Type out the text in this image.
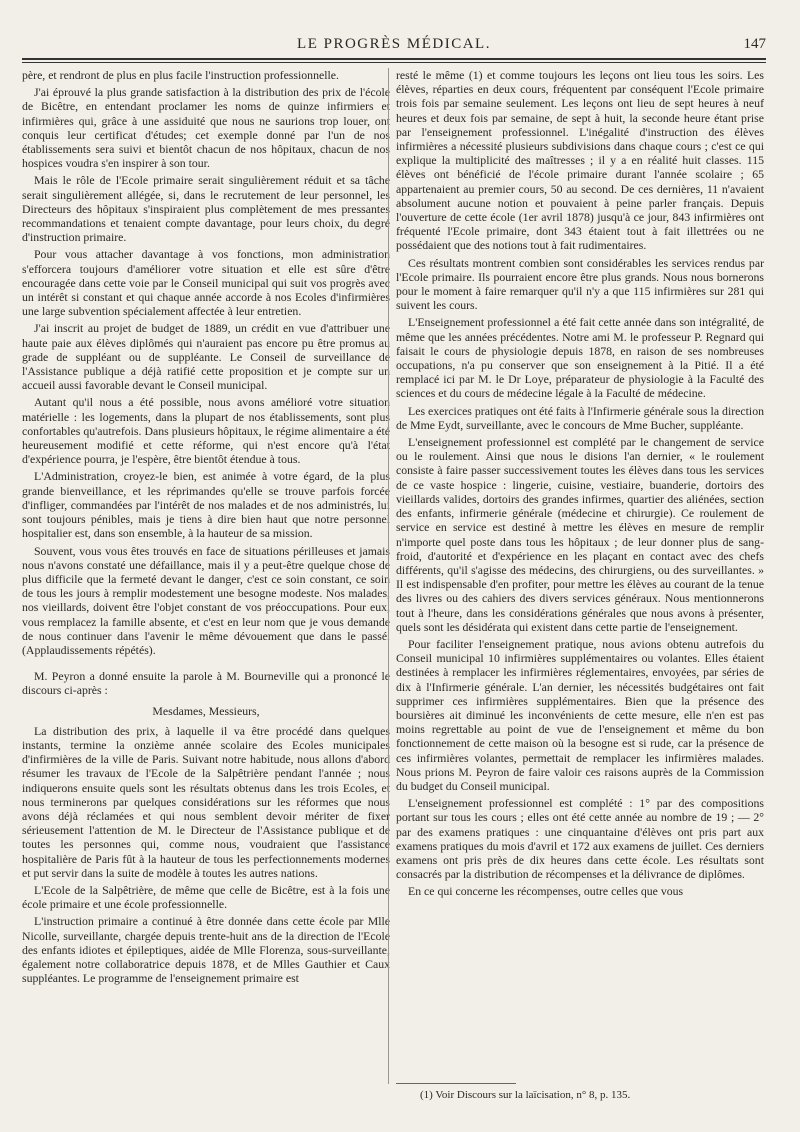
LE PROGRÈS MÉDICAL.	147

père, et rendront de plus en plus facile l'instruction professionnelle.

J'ai éprouvé la plus grande satisfaction à la distribution des prix de l'école de Bicêtre, en entendant proclamer les noms de quinze infirmiers et infirmières qui, grâce à une assiduité que nous ne saurions trop louer, ont conquis leur certificat d'études; cet exemple donné par l'un de nos établissements sera suivi et bientôt chacun de nos hôpitaux, chacun de nos hospices voudra s'en inspirer à son tour.

Mais le rôle de l'Ecole primaire serait singulièrement réduit et sa tâche serait singulièrement allégée, si, dans le recrutement de leur personnel, les Directeurs des hôpitaux s'inspiraient plus complètement de mes pressantes recommandations et tenaient compte davantage, pour leurs choix, du degré d'instruction primaire.

Pour vous attacher davantage à vos fonctions, mon administration s'efforcera toujours d'améliorer votre situation et elle est sûre d'être encouragée dans cette voie par le Conseil municipal qui suit vos progrès avec un intérêt si constant et qui chaque année accorde à nos Ecoles d'infirmières une large subvention spécialement affectée à leur entretien.

J'ai inscrit au projet de budget de 1889, un crédit en vue d'attribuer une haute paie aux élèves diplômés qui n'auraient pas encore pu être promus au grade de suppléant ou de suppléante. Le Conseil de surveillance de l'Assistance publique a déjà ratifié cette proposition et je compte sur un accueil aussi favorable devant le Conseil municipal.

Autant qu'il nous a été possible, nous avons amélioré votre situation matérielle : les logements, dans la plupart de nos établissements, sont plus confortables qu'autrefois. Dans plusieurs hôpitaux, le régime alimentaire a été heureusement modifié et cette réforme, qui n'est encore qu'à l'état d'expérience pourra, je l'espère, être bientôt étendue à tous.

L'Administration, croyez-le bien, est animée à votre égard, de la plus grande bienveillance, et les réprimandes qu'elle se trouve parfois forcée d'infliger, commandées par l'intérêt de nos malades et de nos administrés, lui sont toujours pénibles, mais je tiens à dire bien haut que notre personnel hospitalier est, dans son ensemble, à la hauteur de sa mission.

Souvent, vous vous êtes trouvés en face de situations périlleuses et jamais nous n'avons constaté une défaillance, mais il y a peut-être quelque chose de plus difficile que la fermeté devant le danger, c'est ce soin constant, ce soin de tous les jours à remplir modestement une besogne modeste. Nos malades, nos vieillards, doivent être l'objet constant de vos préoccupations. Pour eux, vous remplacez la famille absente, et c'est en leur nom que je vous demande de nous continuer dans l'avenir le même dévouement que dans le passé. (Applaudissements répétés).

M. Peyron a donné ensuite la parole à M. Bourneville qui a prononcé le discours ci-après :

Mesdames, Messieurs,

La distribution des prix, à laquelle il va être procédé dans quelques instants, termine la onzième année scolaire des Ecoles municipales d'infirmières de la ville de Paris. Suivant notre habitude, nous allons d'abord résumer les travaux de l'Ecole de la Salpêtrière pendant l'année ; nous indiquerons ensuite quels sont les résultats obtenus dans les trois Ecoles, et nous terminerons par quelques considérations sur les réformes que nous avons déjà réclamées et qui nous semblent devoir mériter de fixer sérieusement l'attention de M. le Directeur de l'Assistance publique et de toutes les personnes qui, comme nous, voudraient que l'assistance hospitalière de Paris fût à la hauteur de tous les perfectionnements modernes et put servir dans la suite de modèle à toutes les autres nations.

L'Ecole de la Salpêtrière, de même que celle de Bicêtre, est à la fois une école primaire et une école professionnelle.

L'instruction primaire a continué à être donnée dans cette école par Mlle Nicolle, surveillante, chargée depuis trente-huit ans de la direction de l'Ecole des enfants idiotes et épileptiques, aidée de Mlle Florenza, sous-surveillante, également notre collaboratrice depuis 1878, et de Mlles Gauthier et Caux suppléantes. Le programme de l'enseignement primaire est

resté le même (1) et comme toujours les leçons ont lieu tous les soirs. Les élèves, réparties en deux cours, fréquentent par conséquent l'Ecole primaire trois fois par semaine seulement. Les leçons ont lieu de sept heures à neuf heures et deux fois par semaine, de sept à huit, la seconde heure étant prise par l'enseignement professionnel. L'inégalité d'instruction des élèves infirmières a nécessité plusieurs subdivisions dans chaque cours ; c'est ce qui explique la multiplicité des maîtresses ; il y a en réalité huit classes. 115 élèves ont bénéficié de l'école primaire durant l'année scolaire ; 65 appartenaient au premier cours, 50 au second. De ces dernières, 11 n'avaient absolument aucune notion et pouvaient à peine parler français. Depuis l'ouverture de cette école (1er avril 1878) jusqu'à ce jour, 843 infirmières ont fréquenté l'Ecole primaire, dont 343 étaient tout à fait illettrées ou ne possédaient que des notions tout à fait rudimentaires.

Ces résultats montrent combien sont considérables les services rendus par l'Ecole primaire. Ils pourraient encore être plus grands. Nous nous bornerons pour le moment à faire remarquer qu'il n'y a que 115 infirmières sur 281 qui suivent les cours.

L'Enseignement professionnel a été fait cette année dans son intégralité, de même que les années précédentes. Notre ami M. le professeur P. Regnard qui faisait le cours de physiologie depuis 1878, en raison de ses nombreuses occupations, n'a pu conserver que son enseignement à la Pitié. Il a été remplacé ici par M. le Dr Loye, préparateur de physiologie à la Faculté des sciences et du cours de médecine légale à la Faculté de médecine.

Les exercices pratiques ont été faits à l'Infirmerie générale sous la direction de Mme Eydt, surveillante, avec le concours de Mme Bucher, suppléante.

L'enseignement professionnel est complété par le changement de service ou le roulement. Ainsi que nous le disions l'an dernier, « le roulement consiste à faire passer successivement toutes les élèves dans tous les services de ce vaste hospice : lingerie, cuisine, vestiaire, buanderie, dortoirs des vieillards valides, dortoirs des grandes infirmes, quartier des aliénées, section des enfants, infirmerie générale (médecine et chirurgie). Ce roulement de service en service est destiné à mettre les élèves en mesure de remplir n'importe quel poste dans tous les hôpitaux ; de leur donner plus de sang-froid, d'autorité et d'expérience en les plaçant en contact avec des chefs différents, qu'il s'agisse des médecins, des chirurgiens, ou des surveillantes. » Il est indispensable d'en profiter, pour mettre les élèves au courant de la tenue des livres ou des cahiers des divers services généraux. Nous mentionnerons tout à l'heure, dans les considérations générales que nous avons à présenter, quels sont les désidérata qui existent dans cette partie de l'enseignement.

Pour faciliter l'enseignement pratique, nous avions obtenu autrefois du Conseil municipal 10 infirmières supplémentaires ou volantes. Elles étaient destinées à remplacer les infirmières réglementaires, envoyées, par séries de dix à l'Infirmerie générale. L'an dernier, les nécessités budgétaires ont fait supprimer ces infirmières supplémentaires. Bien que la présence des boursières ait diminué les inconvénients de cette mesure, elle n'en est pas moins regrettable au point de vue de l'enseignement et même du bon fonctionnement de cette maison où la besogne est si rude, car la présence de ces infirmières volantes, permettait de remplacer les infirmières malades. Nous prions M. Peyron de faire valoir ces raisons auprès de la Commission du budget du Conseil municipal.

L'enseignement professionnel est complété : 1° par des compositions portant sur tous les cours ; elles ont été cette année au nombre de 19 ; — 2° par des examens pratiques : une cinquantaine d'élèves ont pris part aux examens pratiques du mois d'avril et 172 aux examens de juillet. Ces derniers examens ont pris près de dix heures dans cette école. Les résultats sont consacrés par la distribution de récompenses et la délivrance de diplômes.

En ce qui concerne les récompenses, outre celles que vous

(1) Voir Discours sur la laïcisation, n° 8, p. 135.
